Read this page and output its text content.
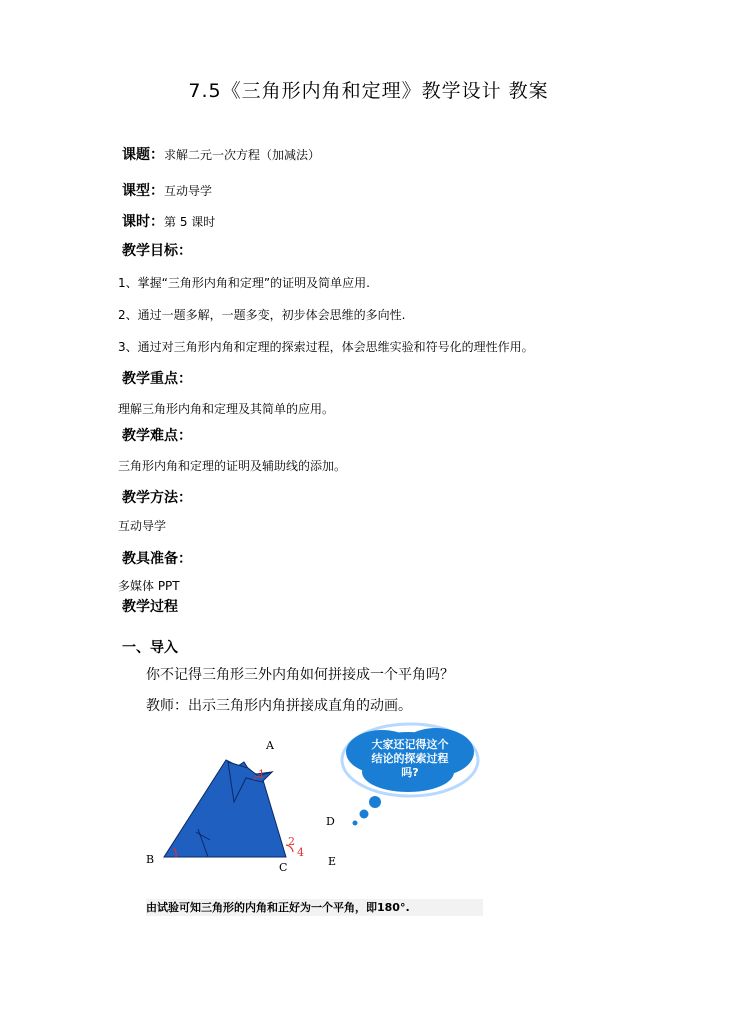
7.5《三角形内角和定理》教学设计 教案
课题：求解二元一次方程（加减法）
课型：互动导学
课时：第 5 课时
教学目标：
1、掌握“三角形内角和定理”的证明及简单应用.
2、通过一题多解，一题多变，初步体会思维的多向性.
3、通过对三角形内角和定理的探索过程，体会思维实验和符号化的理性作用。
教学重点：
理解三角形内角和定理及其简单的应用。
教学难点：
三角形内角和定理的证明及辅助线的添加。
教学方法：
互动导学
教具准备：
多媒体 PPT
教学过程
一、导入
你不记得三角形三外内角如何拼接成一个平角吗？
教师：出示三角形内角拼接成直角的动画。
A
1
B
C
2
4
D
E
大家还记得这个
结论的探索过程
吗?
由试验可知三角形的内角和正好为一个平角，即180°.
